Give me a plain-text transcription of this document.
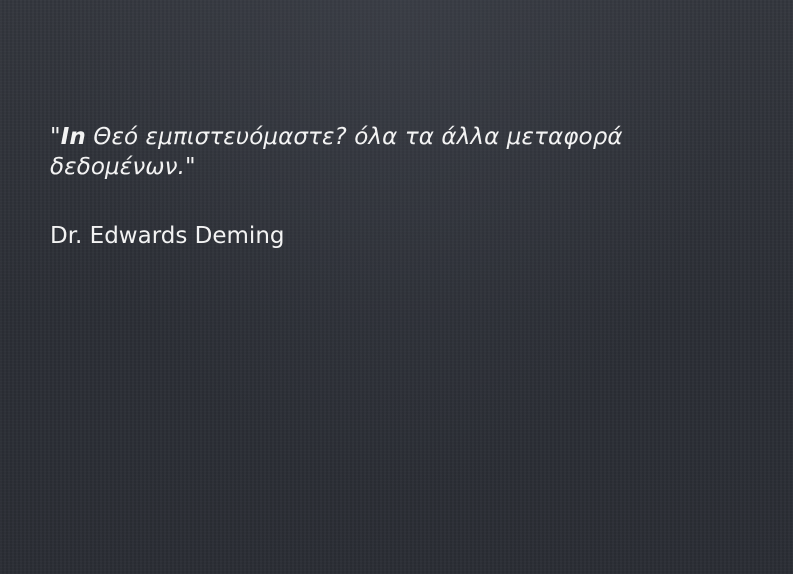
"In Θεό εμπιστευόμαστε? όλα τα άλλα μεταφορά δεδομένων."

Dr. Edwards Deming
